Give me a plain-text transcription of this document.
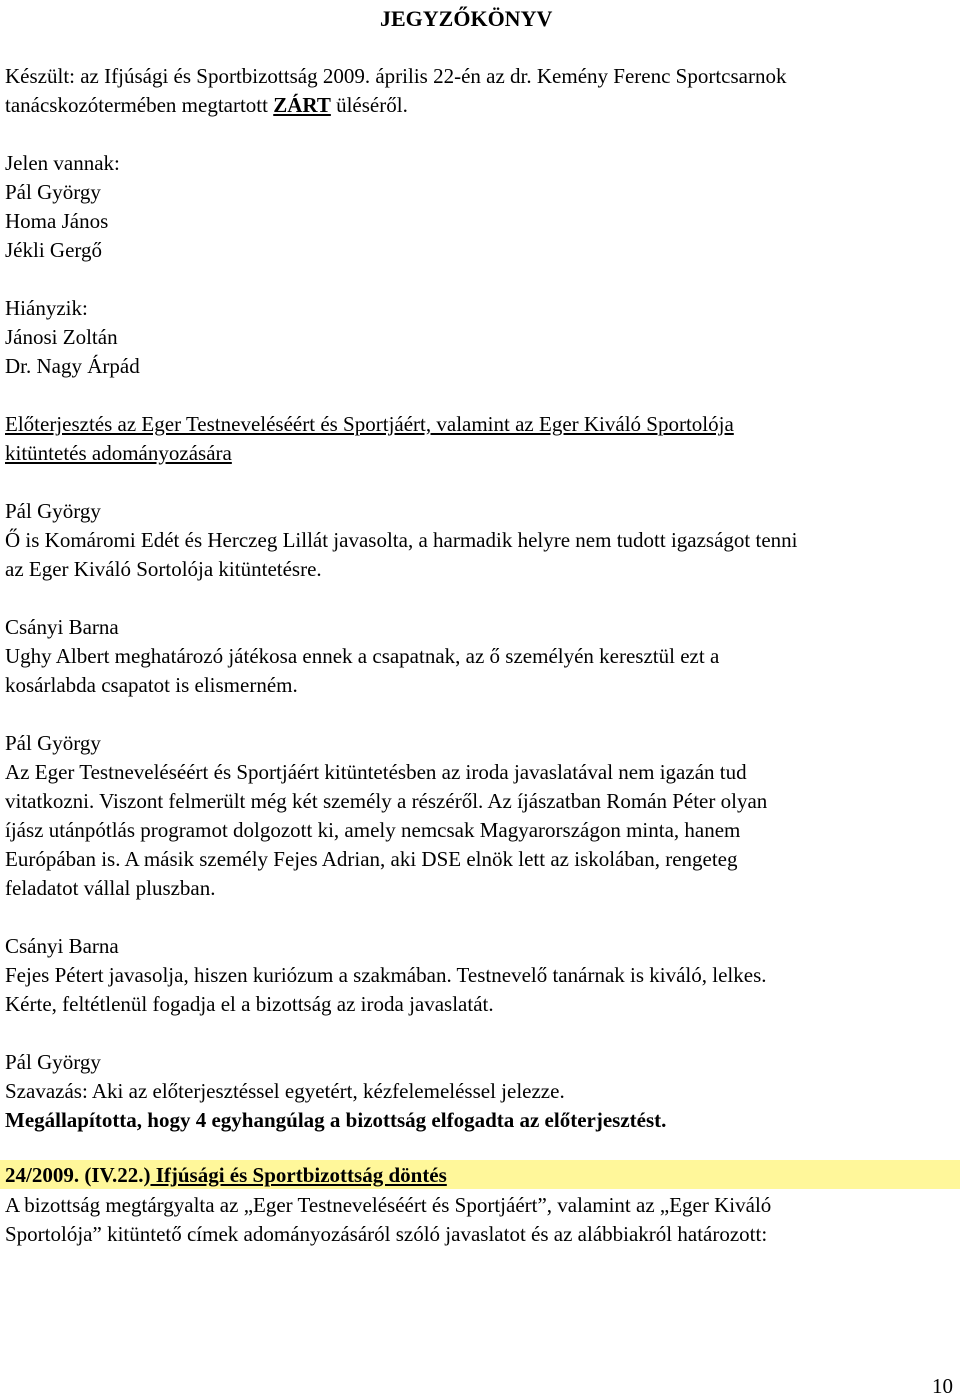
JEGYZŐKÖNYV
Készült: az Ifjúsági és Sportbizottság 2009. április 22-én az dr. Kemény Ferenc Sportcsarnok
tanácskozótermében megtartott ZÁRT üléséről.
Jelen vannak:
Pál György
Homa János
Jékli Gergő
Hiányzik:
Jánosi Zoltán
Dr. Nagy Árpád
Előterjesztés az Eger Testneveléséért és Sportjáért, valamint az Eger Kiváló Sportolója
kitüntetés adományozására
Pál György
Ő is Komáromi Edét és Herczeg Lillát javasolta, a harmadik helyre nem tudott igazságot tenni
az Eger Kiváló Sortolója kitüntetésre.
Csányi Barna
Ughy Albert meghatározó játékosa ennek a csapatnak, az ő személyén keresztül ezt a
kosárlabda csapatot is elismerném.
Pál György
Az Eger Testneveléséért és Sportjáért kitüntetésben az iroda javaslatával nem igazán tud
vitatkozni. Viszont felmerült még két személy a részéről. Az íjászatban Román Péter olyan
íjász utánpótlás programot dolgozott ki, amely nemcsak Magyarországon minta, hanem
Európában is. A másik személy Fejes Adrian, aki DSE elnök lett az iskolában, rengeteg
feladatot vállal pluszban.
Csányi Barna
Fejes Pétert javasolja, hiszen kuriózum a szakmában. Testnevelő tanárnak is kiváló, lelkes.
Kérte, feltétlenül fogadja el a bizottság az iroda javaslatát.
Pál György
Szavazás: Aki az előterjesztéssel egyetért, kézfelemeléssel jelezze.
Megállapította, hogy 4 egyhangúlag a bizottság elfogadta az előterjesztést.
24/2009. (IV.22.) Ifjúsági és Sportbizottság döntés
A bizottság megtárgyalta az „Eger Testneveléséért és Sportjáért”, valamint az „Eger Kiváló
Sportolója” kitüntető címek adományozásáról szóló javaslatot és az alábbiakról határozott:
10
